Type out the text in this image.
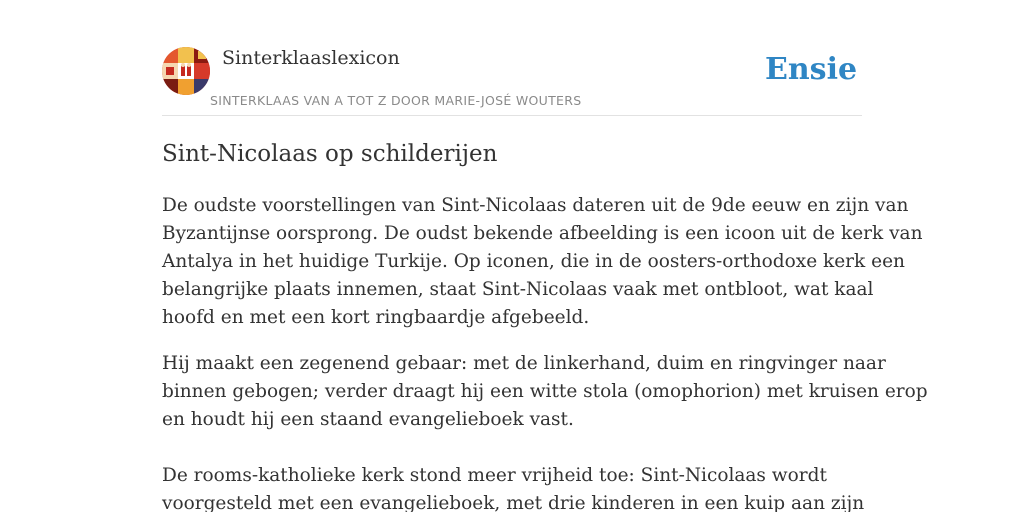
Sinterklaaslexicon
SINTERKLAAS VAN A TOT Z DOOR MARIE-JOSÉ WOUTERS
Ensie
Sint-Nicolaas op schilderijen

De oudste voorstellingen van Sint-Nicolaas dateren uit de 9de eeuw en zijn van
Byzantijnse oorsprong. De oudst bekende afbeelding is een icoon uit de kerk van
Antalya in het huidige Turkije. Op iconen, die in de oosters-orthodoxe kerk een
belangrijke plaats innemen, staat Sint-Nicolaas vaak met ontbloot, wat kaal
hoofd en met een kort ringbaardje afgebeeld.

Hij maakt een zegenend gebaar: met de linkerhand, duim en ringvinger naar
binnen gebogen; verder draagt hij een witte stola (omophorion) met kruisen erop
en houdt hij een staand evangelieboek vast.

De rooms-katholieke kerk stond meer vrijheid toe: Sint-Nicolaas wordt
voorgesteld met een evangelieboek, met drie kinderen in een kuip aan zijn
